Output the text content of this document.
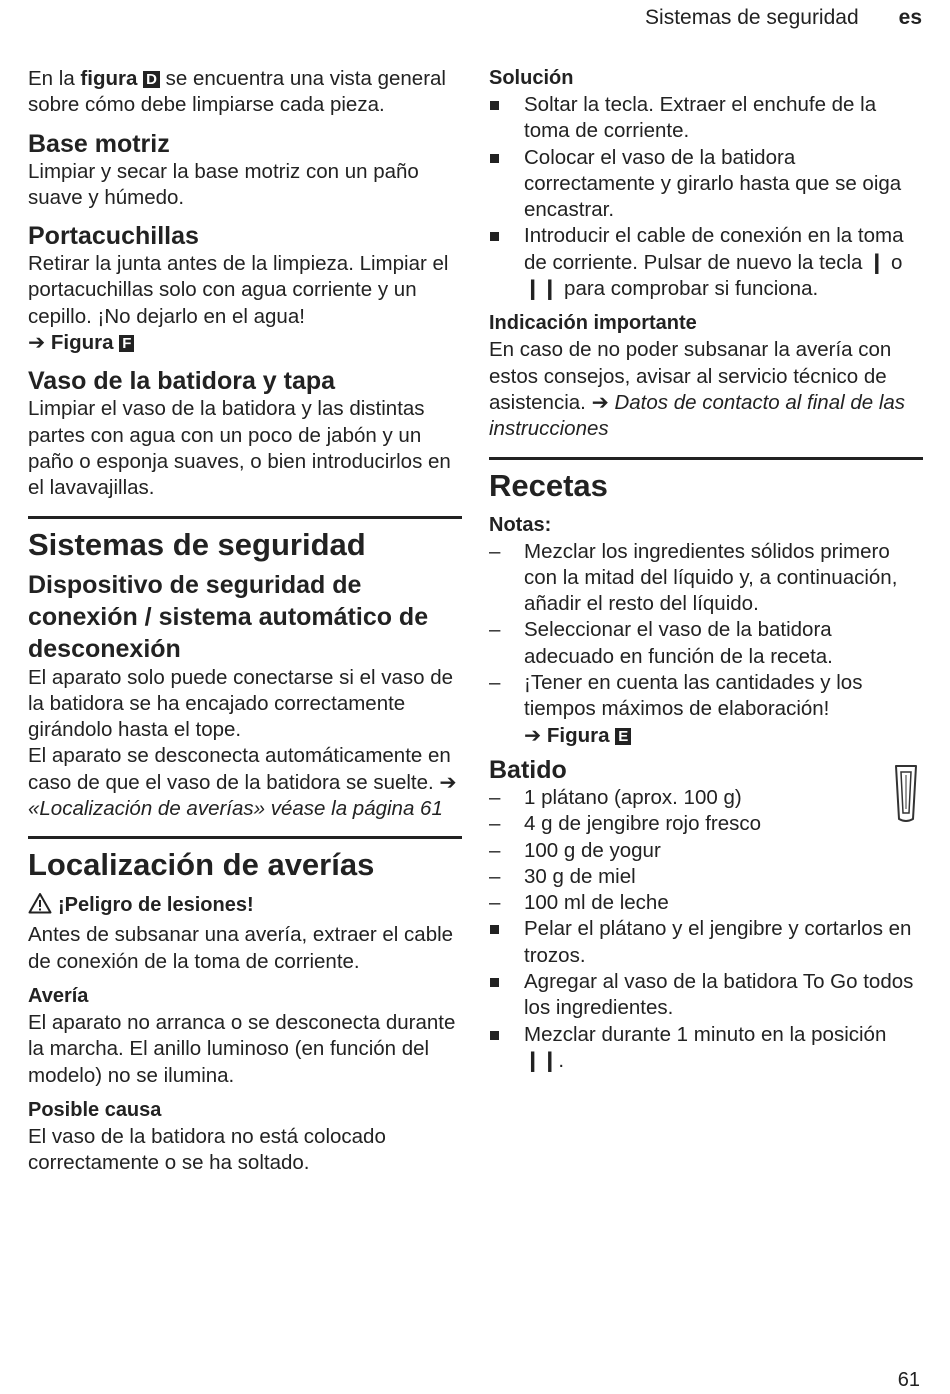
Sistemas de seguridad es

En la figura D se encuentra una vista general sobre cómo debe limpiarse cada pieza.

Base motriz

Limpiar y secar la base motriz con un paño suave y húmedo.

Portacuchillas

Retirar la junta antes de la limpieza. Limpiar el portacuchillas solo con agua corriente y un cepillo. ¡No dejarlo en el agua!

➔ Figura F

Vaso de la batidora y tapa

Limpiar el vaso de la batidora y las distintas partes con agua con un poco de jabón y un paño o esponja suaves, o bien introducirlos en el lavavajillas.

Sistemas de seguridad
Dispositivo de seguridad de conexión / sistema automático de desconexión

El aparato solo puede conectarse si el vaso de la batidora se ha encajado correctamente girándolo hasta el tope.

El aparato se desconecta automáticamente en caso de que el vaso de la batidora se suelte. ➔ «Localización de averías» véase la página 61

Localización de averías
¡Peligro de lesiones!

Antes de subsanar una avería, extraer el cable de conexión de la toma de corriente.

Avería

El aparato no arranca o se desconecta durante la marcha. El anillo luminoso (en función del modelo) no se ilumina.

Posible causa

El vaso de la batidora no está colocado correctamente o se ha soltado.

Solución
Soltar la tecla. Extraer el enchufe de la toma de corriente.
Colocar el vaso de la batidora correctamente y girarlo hasta que se oiga encastrar.
Introducir el cable de conexión en la toma de corriente. Pulsar de nuevo la tecla ❙ o ❙❙ para comprobar si funciona.
Indicación importante

En caso de no poder subsanar la avería con estos consejos, avisar al servicio técnico de asistencia. ➔ Datos de contacto al final de las instrucciones

Recetas
Notas:
– Mezclar los ingredientes sólidos primero con la mitad del líquido y, a continuación, añadir el resto del líquido.
– Seleccionar el vaso de la batidora adecuado en función de la receta.
– ¡Tener en cuenta las cantidades y los tiempos máximos de elaboración!

➔ Figura E

Batido
– 1 plátano (aprox. 100 g)
– 4 g de jengibre rojo fresco
– 100 g de yogur
– 30 g de miel
– 100 ml de leche
Pelar el plátano y el jengibre y cortarlos en trozos.
Agregar al vaso de la batidora To Go todos los ingredientes.
Mezclar durante 1 minuto en la posición ❙❙.
61
